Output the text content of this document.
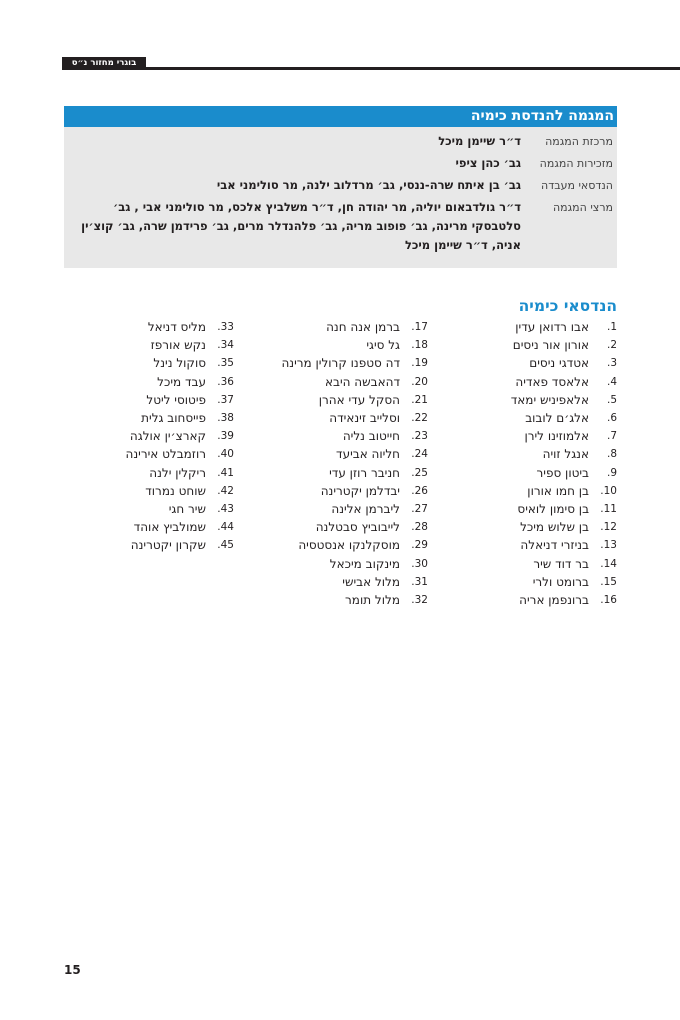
בוגרי מחזור נ״ס
המגמה להנדסת כימיה
מרכזת המגמה
ד״ר שיימן מיכל
מזכירות המגמה
גב׳ כהן ציפי
הנדסאי מעבדה
גב׳ בן איתח שרה-ננסי, גב׳ מרדלוב ילנה, מר סולימני אבי
מרצי המגמה
ד״ר גולדבאום יוליה, מר יהודה חן, ד״ר משלביץ אלכס, מר סולימני אבי , גב׳ סלטבסקי מרינה, גב׳ פופוב מריה, גב׳ פלהנדלר מרים, גב׳ פרידמן שרה, גב׳ קוצ׳ין אניה, ד״ר שיימן מיכל
הנדסאי כימיה
1.
אבו רדואן עדין
2.
אורון אור ניסים
3.
אטדגי ניסים
4.
אלאסד פאדיה
5.
אלאפיניש ימאד
6.
אלג׳ם לובוב
7.
אלמוזינו לירן
8.
אנגל זויה
9.
ביטון ספיר
10.
בן חמו אורון
11.
בן סימון לואיס
12.
בן שלוש מיכל
13.
בניזרי דניאלה
14.
בר דוד שיר
15.
ברומט ולרי
16.
ברונפמן אריה
17.
ברמן אנה חנה
18.
גל סיגי
19.
דה סטפנו קרולין מרינה
20.
דהאבשה היבא
21.
הסקל עדי אהרן
22.
וסלייב זינאידה
23.
חייטוב נליה
24.
חליוה אביעד
25.
חניבר רוזן עדי
26.
יבדלמן יקטרינה
27.
ליברמן אלינה
28.
לייבוביץ סבטלנה
29.
מוסקלנקו אנסטסיה
30.
מינקוב מיכאל
31.
מלול אבישי
32.
מלול תומר
33.
מליס דניאל
34.
נקש אורפז
35.
סוקול נינל
36.
עבד מיכל
37.
פיטוסי ליטל
38.
פייסחוב גלית
39.
קארצ׳ין אולגה
40.
רוזמבלט אירינה
41.
ריקלין ילנה
42.
שוחט נמרוד
43.
שיר חגי
44.
שמולביץ אוהד
45.
שקרון יקטרינה
15
